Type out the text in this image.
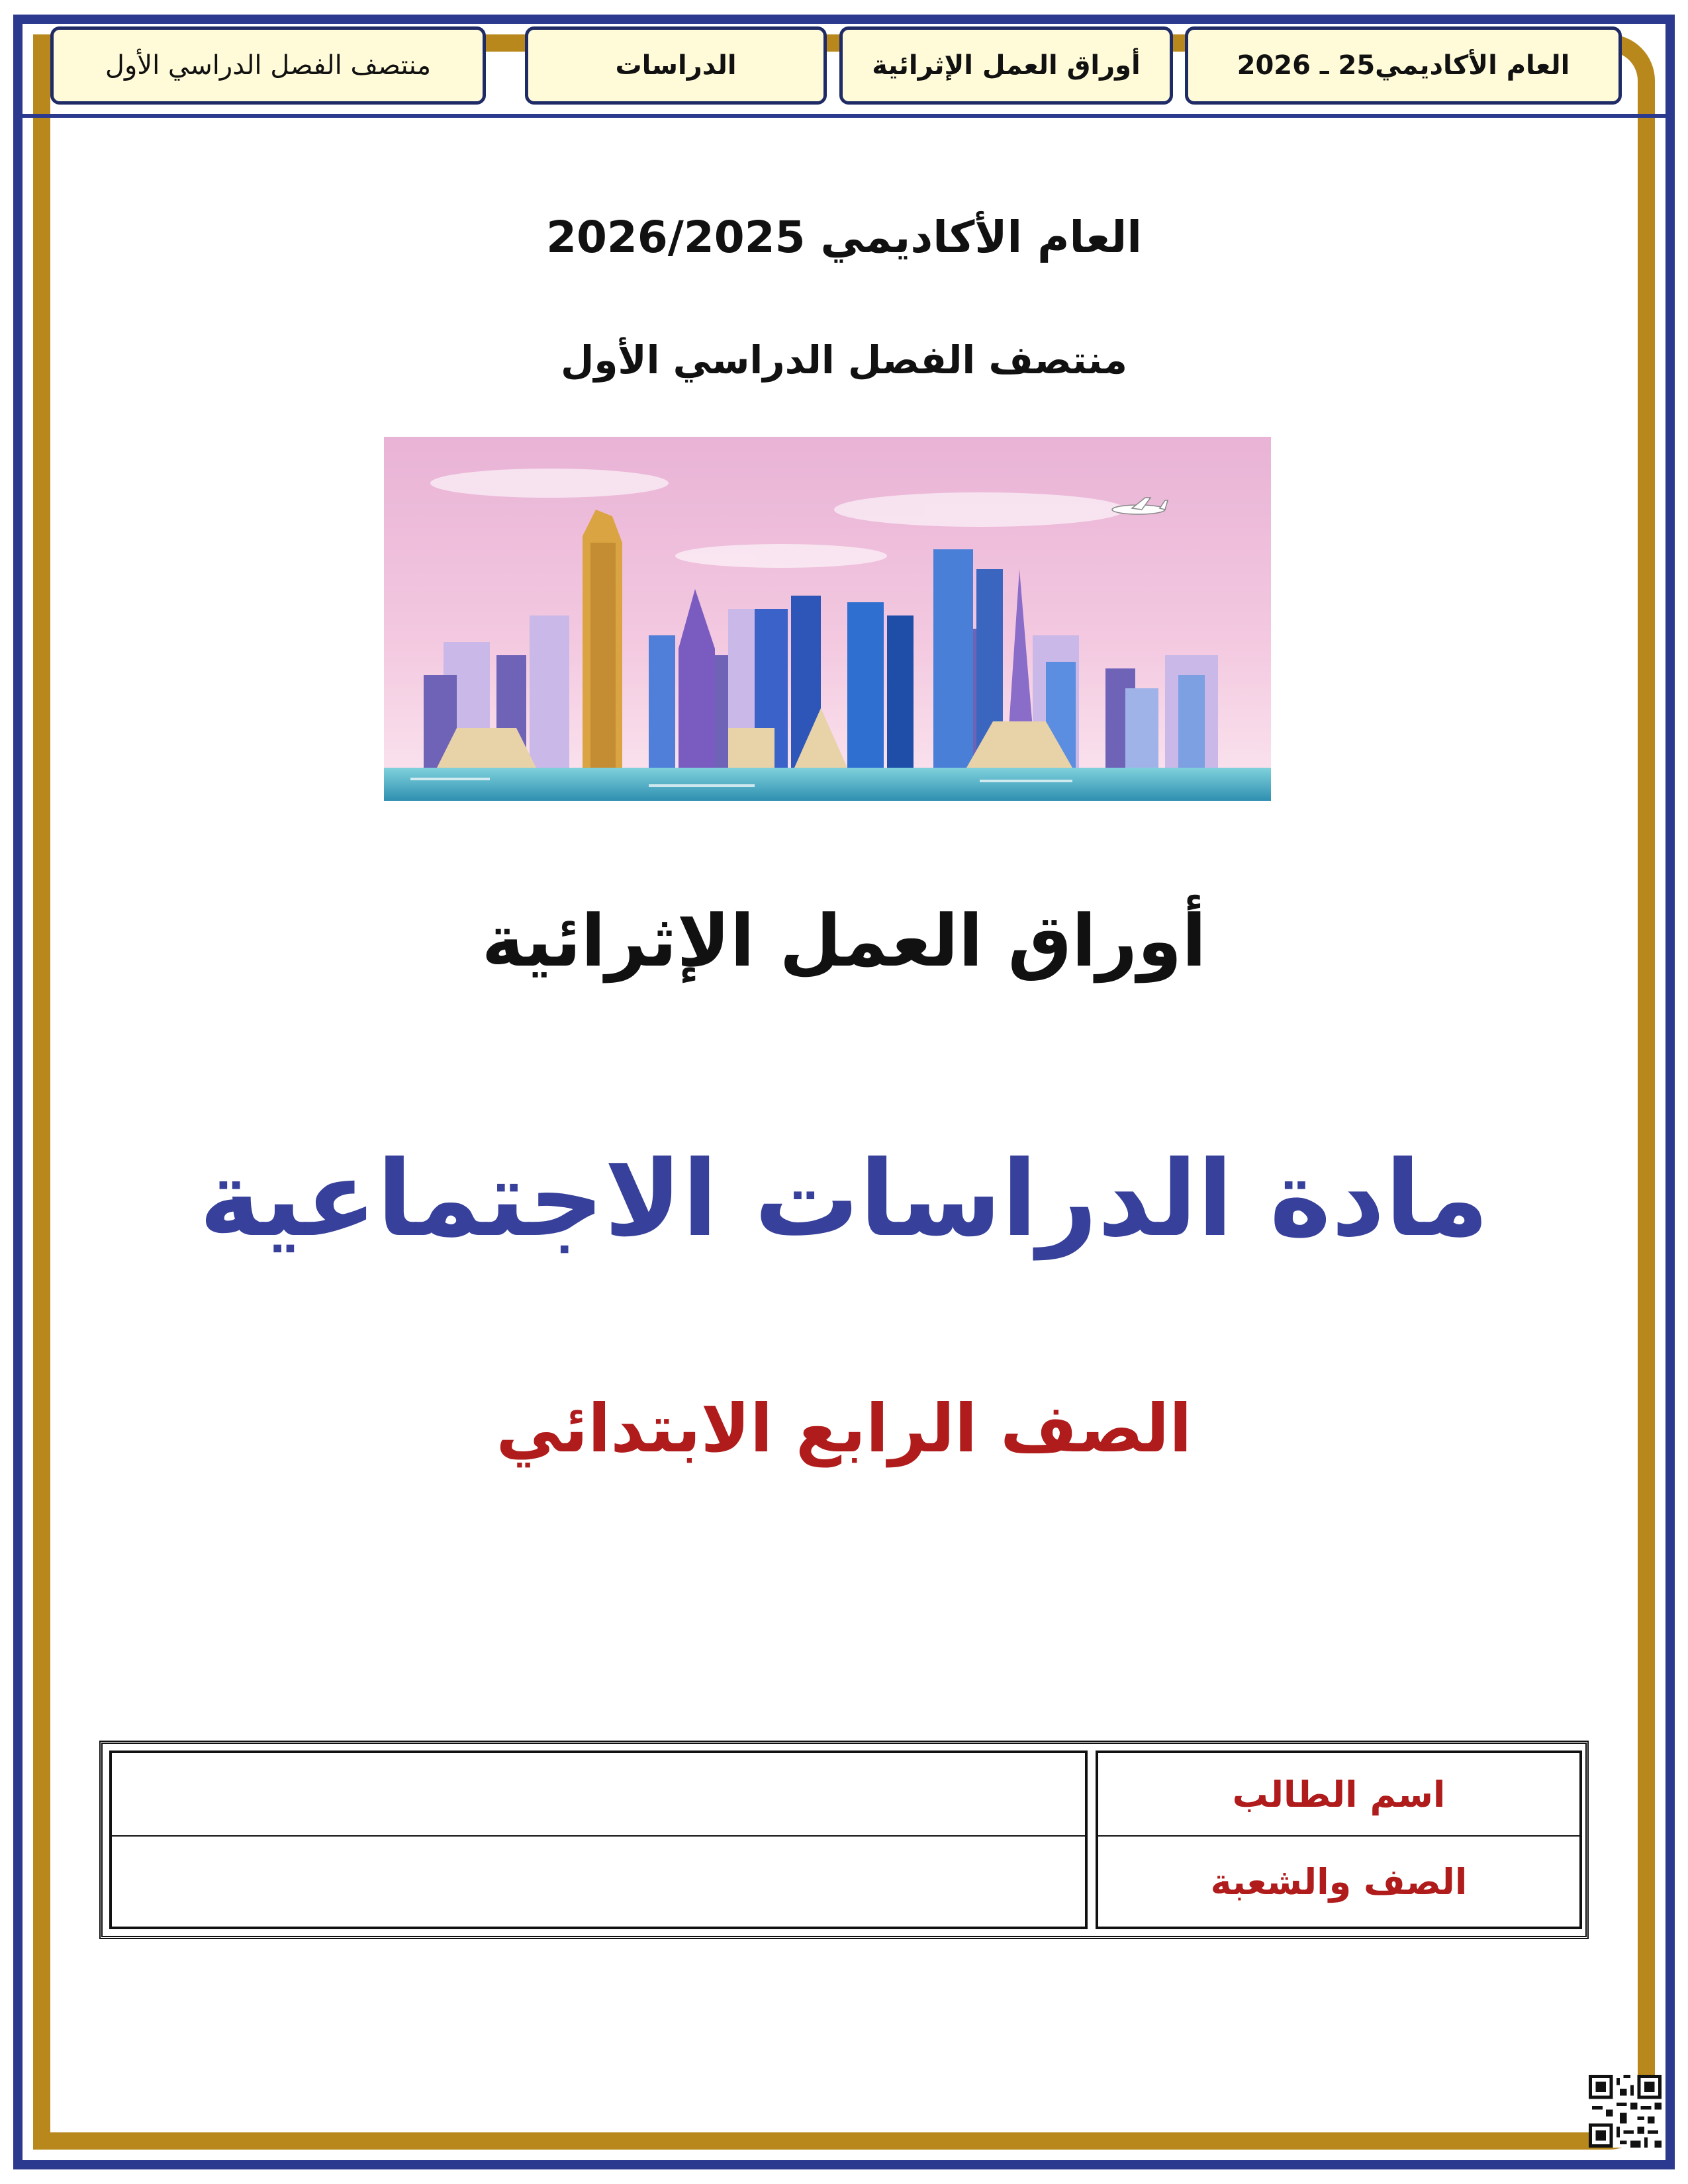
العام الأكاديمي25 ـ 2026
أوراق العمل الإثرائية
الدراسات
منتصف الفصل الدراسي الأول
العام الأكاديمي 2026/2025
منتصف الفصل الدراسي الأول
أوراق العمل الإثرائية
مادة الدراسات الاجتماعية
الصف الرابع الابتدائي
اسم الطالب
الصف والشعبة
